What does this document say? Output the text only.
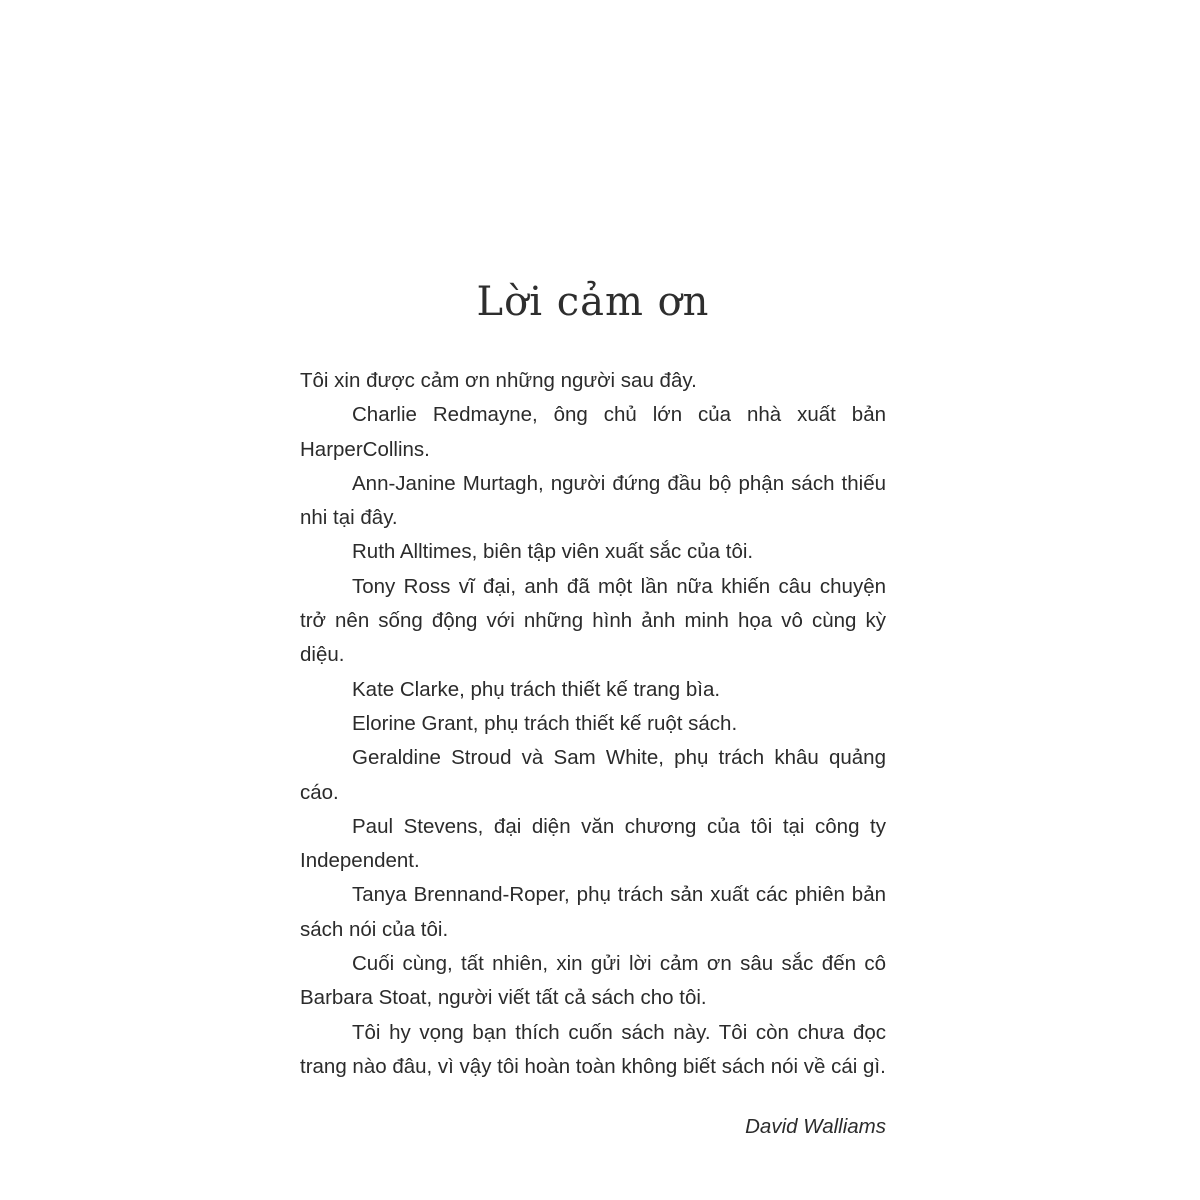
Lời cảm ơn

Tôi xin được cảm ơn những người sau đây.

Charlie Redmayne, ông chủ lớn của nhà xuất bản HarperCollins.

Ann-Janine Murtagh, người đứng đầu bộ phận sách thiếu nhi tại đây.

Ruth Alltimes, biên tập viên xuất sắc của tôi.

Tony Ross vĩ đại, anh đã một lần nữa khiến câu chuyện trở nên sống động với những hình ảnh minh họa vô cùng kỳ diệu.

Kate Clarke, phụ trách thiết kế trang bìa.

Elorine Grant, phụ trách thiết kế ruột sách.

Geraldine Stroud và Sam White, phụ trách khâu quảng cáo.

Paul Stevens, đại diện văn chương của tôi tại công ty Independent.

Tanya Brennand-Roper, phụ trách sản xuất các phiên bản sách nói của tôi.

Cuối cùng, tất nhiên, xin gửi lời cảm ơn sâu sắc đến cô Barbara Stoat, người viết tất cả sách cho tôi.

Tôi hy vọng bạn thích cuốn sách này. Tôi còn chưa đọc trang nào đâu, vì vậy tôi hoàn toàn không biết sách nói về cái gì.

David Walliams
